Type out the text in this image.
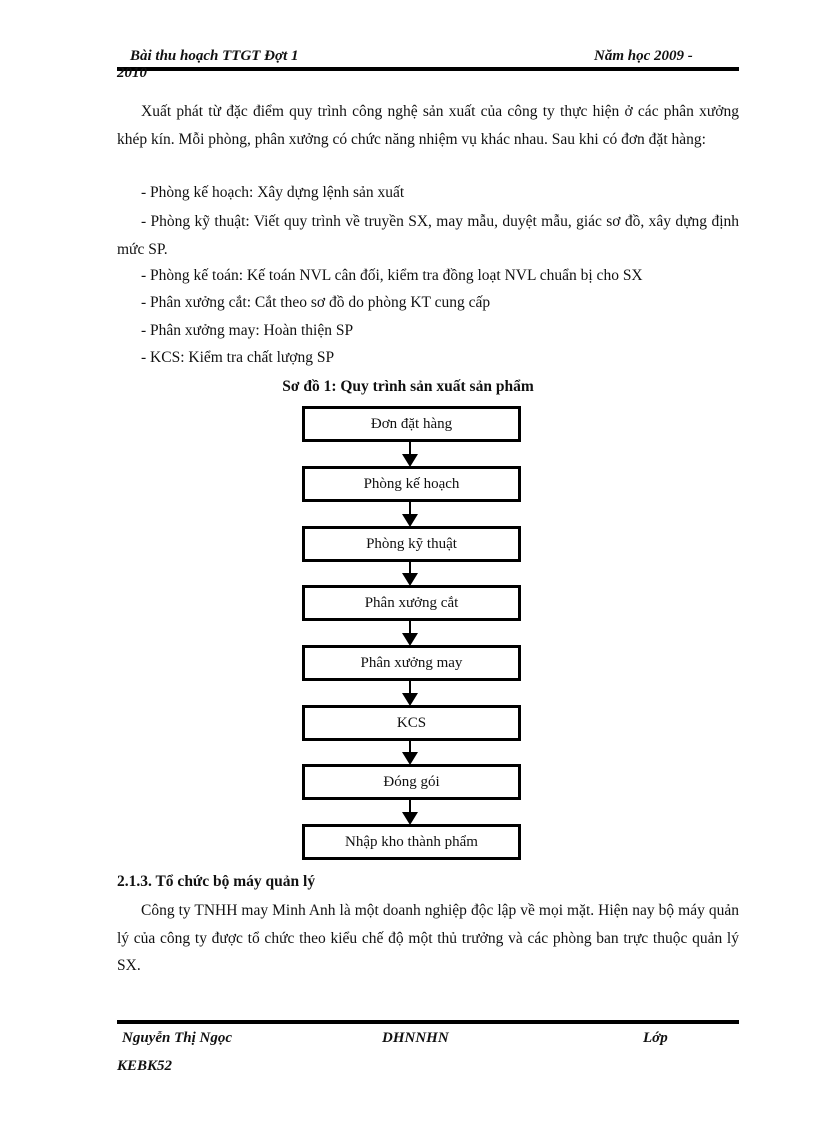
Bài thu hoạch TTGT Đợt 1	Năm học 2009 -
2010
Xuất phát từ đặc điểm quy trình công nghệ sản xuất của công ty thực hiện ở các phân xưởng khép kín. Mỗi phòng, phân xưởng có chức năng nhiệm vụ khác nhau. Sau khi có đơn đặt hàng:
- Phòng kế hoạch: Xây dựng lệnh sản xuất
- Phòng kỹ thuật: Viết quy trình về truyền SX, may mẫu, duyệt mẫu, giác sơ đồ, xây dựng định mức SP.
- Phòng kế toán: Kế toán NVL cân đối, kiểm tra đồng loạt NVL chuẩn bị cho SX
- Phân xưởng cắt: Cắt theo sơ đồ do phòng KT cung cấp
- Phân xưởng may: Hoàn thiện SP
- KCS: Kiểm tra chất lượng SP
Sơ đồ 1: Quy trình sản xuất sản phẩm
Đơn đặt hàng
Phòng kế hoạch
Phòng kỹ thuật
Phân xưởng cắt
Phân xưởng may
KCS
Đóng gói
Nhập kho thành phẩm
2.1.3. Tổ chức bộ máy quản lý
Công ty TNHH may Minh Anh là một doanh nghiệp độc lập về mọi mặt. Hiện nay bộ máy quản lý của công ty được tổ chức theo kiểu chế độ một thủ trưởng và các phòng ban trực thuộc quản lý SX.
Nguyễn Thị Ngọc	DHNNHN	Lớp
KEBK52
